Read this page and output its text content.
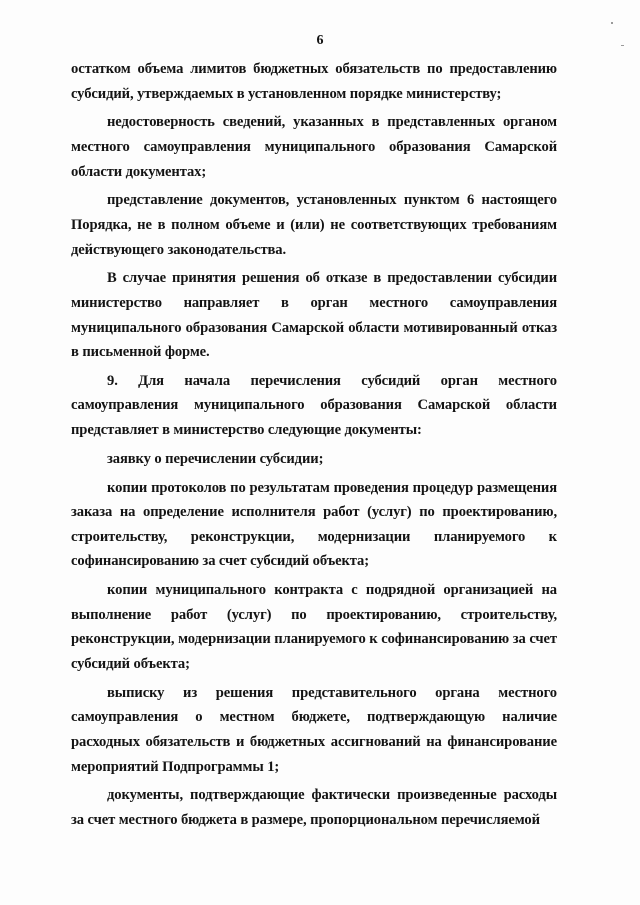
6

остатком объема лимитов бюджетных обязательств по предоставлению субсидий, утверждаемых в установленном порядке министерству;

недостоверность сведений, указанных в представленных органом местного самоуправления муниципального образования Самарской области документах;

представление документов, установленных пунктом 6 настоящего Порядка, не в полном объеме и (или) не соответствующих требованиям действующего законодательства.

В случае принятия решения об отказе в предоставлении субсидии министерство направляет в орган местного самоуправления муниципального образования Самарской области мотивированный отказ в письменной форме.

9. Для начала перечисления субсидий орган местного самоуправления муниципального образования Самарской области представляет в министерство следующие документы:

заявку о перечислении субсидии;

копии протоколов по результатам проведения процедур размещения заказа на определение исполнителя работ (услуг) по проектированию, строительству, реконструкции, модернизации планируемого к софинансированию за счет субсидий объекта;

копии муниципального контракта с подрядной организацией на выполнение работ (услуг) по проектированию, строительству, реконструкции, модернизации планируемого к софинансированию за счет субсидий объекта;

выписку из решения представительного органа местного самоуправления о местном бюджете, подтверждающую наличие расходных обязательств и бюджетных ассигнований на финансирование мероприятий Подпрограммы 1;

документы, подтверждающие фактически произведенные расходы за счет местного бюджета в размере, пропорциональном перечисляемой
